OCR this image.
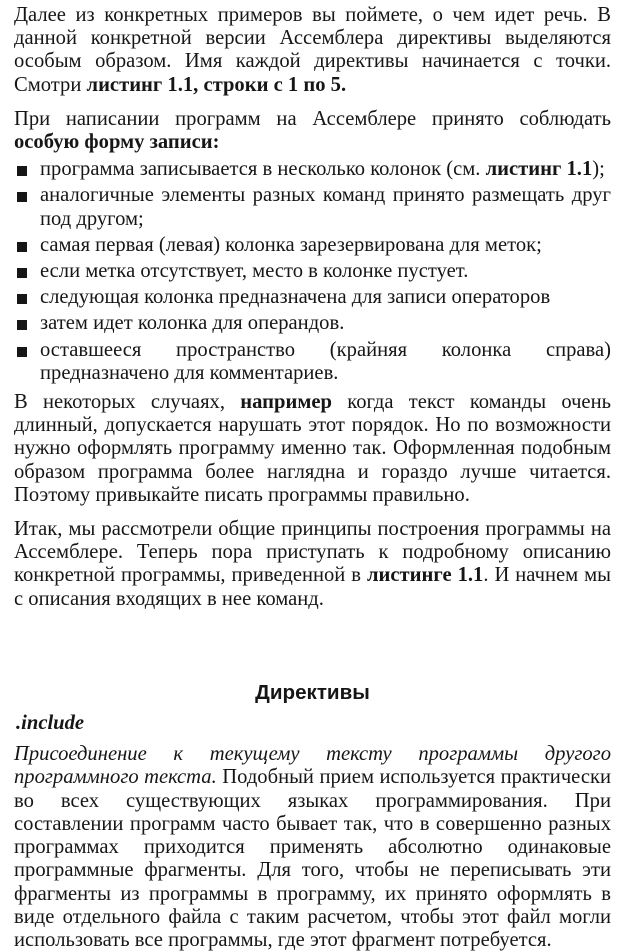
Далее из конкретных примеров вы поймете, о чем идет речь. В данной конкретной версии Ассемблера директивы выделяются особым образом. Имя каждой директивы начинается с точки. Смотри листинг 1.1, строки с 1 по 5.

При написании программ на Ассемблере принято соблюдать особую форму записи:

программа записывается в несколько колонок (см. листинг 1.1);
аналогичные элементы разных команд принято размещать друг под другом;
самая первая (левая) колонка зарезервирована для меток;
если метка отсутствует, место в колонке пустует.
следующая колонка предназначена для записи операторов
затем идет колонка для операндов.
оставшееся пространство (крайняя колонка справа) предназначено для комментариев.

В некоторых случаях, например когда текст команды очень длинный, допускается нарушать этот порядок. Но по возможности нужно оформлять программу именно так. Оформленная подобным образом программа более наглядна и гораздо лучше читается. Поэтому привыкайте писать программы правильно.

Итак, мы рассмотрели общие принципы построения программы на Ассемблере. Теперь пора приступать к подробному описанию конкретной программы, приведенной в листинге 1.1. И начнем мы с описания входящих в нее команд.

Директивы
.include

Присоединение к текущему тексту программы другого программного текста. Подобный прием используется практически во всех существующих языках программирования. При составлении программ часто бывает так, что в совершенно разных программах приходится применять абсолютно одинаковые программные фрагменты. Для того, чтобы не переписывать эти фрагменты из программы в программу, их принято оформлять в виде отдельного файла с таким расчетом, чтобы этот файл могли использовать все программы, где этот фрагмент потребуется.
